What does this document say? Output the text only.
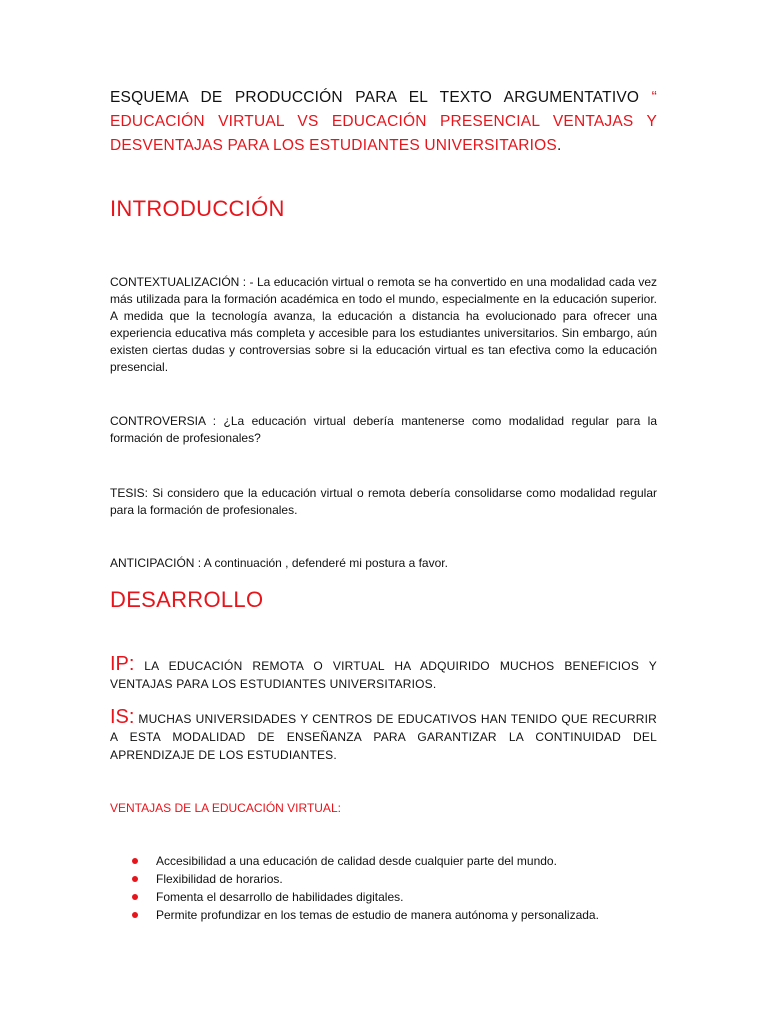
ESQUEMA DE PRODUCCIÓN PARA EL TEXTO ARGUMENTATIVO “ EDUCACIÓN VIRTUAL VS EDUCACIÓN PRESENCIAL VENTAJAS Y DESVENTAJAS PARA LOS ESTUDIANTES UNIVERSITARIOS.
INTRODUCCIÓN
CONTEXTUALIZACIÓN : - La educación virtual o remota se ha convertido en una modalidad cada vez más utilizada para la formación académica en todo el mundo, especialmente en la educación superior. A medida que la tecnología avanza, la educación a distancia ha evolucionado para ofrecer una experiencia educativa más completa y accesible para los estudiantes universitarios. Sin embargo, aún existen ciertas dudas y controversias sobre si la educación virtual es tan efectiva como la educación presencial.
CONTROVERSIA : ¿La educación virtual debería mantenerse como modalidad regular para la formación de profesionales?
TESIS: Si considero que la educación virtual o remota debería consolidarse como modalidad regular para la formación de profesionales.
ANTICIPACIÓN : A continuación , defenderé mi postura a favor.
DESARROLLO
IP: LA EDUCACIÓN REMOTA O VIRTUAL HA ADQUIRIDO MUCHOS BENEFICIOS Y VENTAJAS PARA LOS ESTUDIANTES UNIVERSITARIOS.
IS: MUCHAS UNIVERSIDADES Y CENTROS DE EDUCATIVOS HAN TENIDO QUE RECURRIR A ESTA MODALIDAD DE ENSEÑANZA PARA GARANTIZAR LA CONTINUIDAD DEL APRENDIZAJE DE LOS ESTUDIANTES.
VENTAJAS DE LA EDUCACIÓN VIRTUAL:
Accesibilidad a una educación de calidad desde cualquier parte del mundo.
Flexibilidad de horarios.
Fomenta el desarrollo de habilidades digitales.
Permite profundizar en los temas de estudio de manera autónoma y personalizada.
